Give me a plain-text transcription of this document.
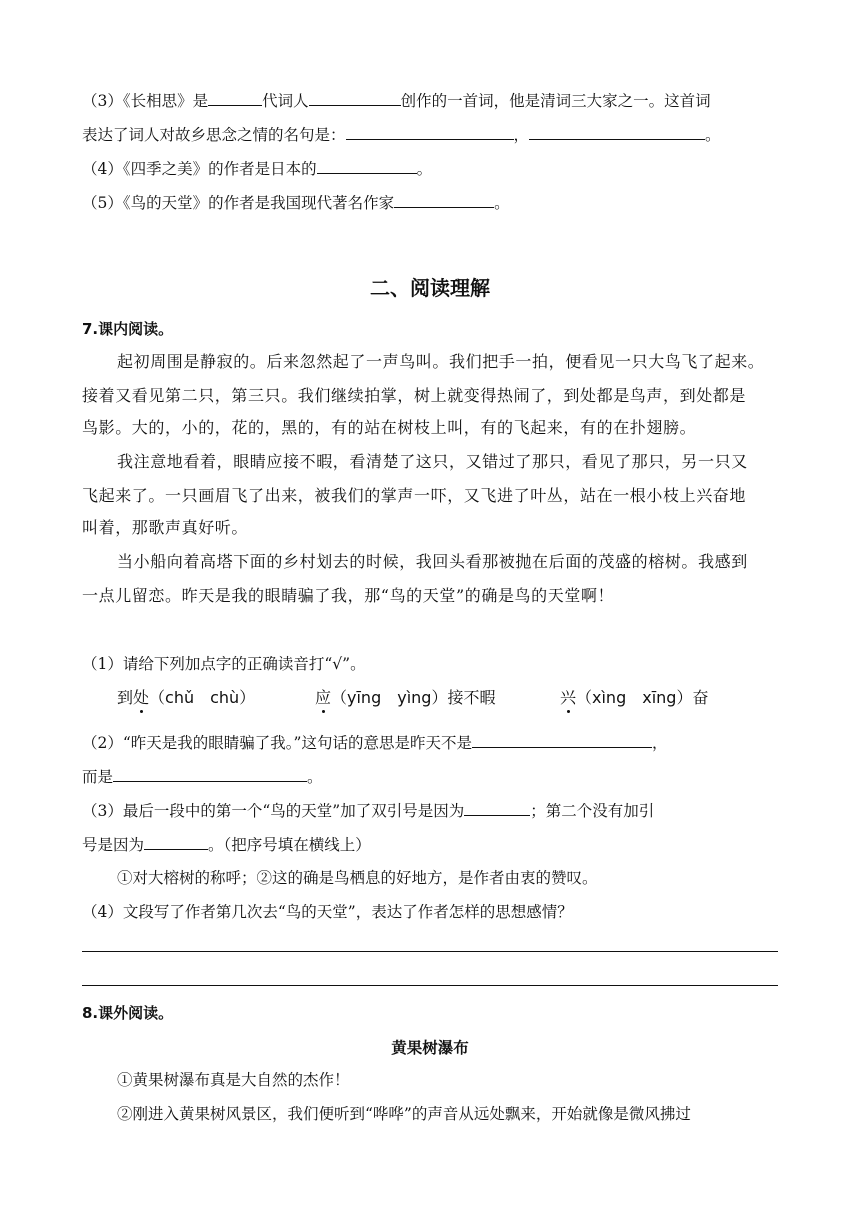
（3）《长相思》是	代词人	创作的一首词，他是清词三大家之一。这首词
表达了词人对故乡思念之情的名句是：	，	。
（4）《四季之美》的作者是日本的	。
（5）《鸟的天堂》的作者是我国现代著名作家	。
二、阅读理解
7.课内阅读。
起初周围是静寂的。后来忽然起了一声鸟叫。我们把手一拍，便看见一只大鸟飞了起来。
接着又看见第二只，第三只。我们继续拍掌，树上就变得热闹了，到处都是鸟声，到处都是
鸟影。大的，小的，花的，黑的，有的站在树枝上叫，有的飞起来，有的在扑翅膀。
我注意地看着，眼睛应接不暇，看清楚了这只，又错过了那只，看见了那只，另一只又
飞起来了。一只画眉飞了出来，被我们的掌声一吓，又飞进了叶丛，站在一根小枝上兴奋地
叫着，那歌声真好听。
当小船向着高塔下面的乡村划去的时候，我回头看那被抛在后面的茂盛的榕树。我感到
一点儿留恋。昨天是我的眼睛骗了我，那“鸟的天堂”的确是鸟的天堂啊！
（1）请给下列加点字的正确读音打“√”。
到处（chǔ　chù）	应（yīng　yìng）接不暇	兴（xìng　xīng）奋
（2）“昨天是我的眼睛骗了我。”这句话的意思是昨天不是	，
而是	。
（3）最后一段中的第一个“鸟的天堂”加了双引号是因为	；第二个没有加引
号是因为	。（把序号填在横线上）
①对大榕树的称呼；②这的确是鸟栖息的好地方，是作者由衷的赞叹。
（4）文段写了作者第几次去“鸟的天堂”，表达了作者怎样的思想感情？
8.课外阅读。
黄果树瀑布
①黄果树瀑布真是大自然的杰作！
②刚进入黄果树风景区，我们便听到“哗哗”的声音从远处飘来，开始就像是微风拂过
